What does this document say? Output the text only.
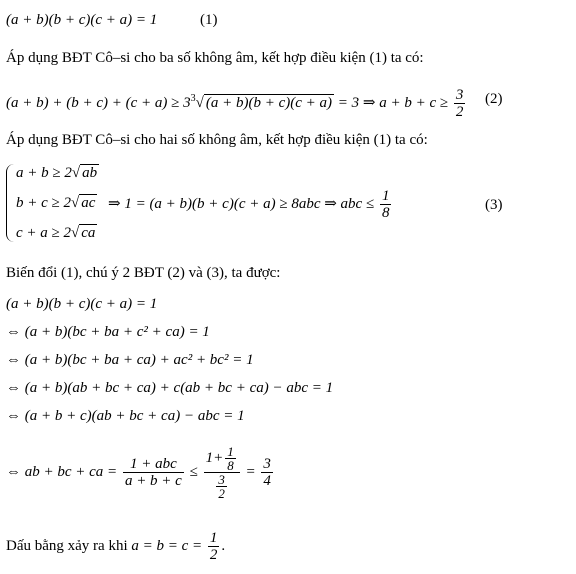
(a + b)(b + c)(c + a) = 1	(1)
Áp dụng BĐT Cô–si cho ba số không âm, kết hợp điều kiện (1) ta có:
$(a + b) + (b + c) + (c + a) \ge 3^3√$ (a + b)(b + c)(c + a) = 3 ⇒ $a + b + c \ge \frac{3}{2} (2)$
Áp dụng BĐT Cô–si cho hai số không âm, kết hợp điều kiện (1) ta có:
a + b ≥ 2√ ab
b + c ≥ 2√ ac
c + a ≥ 2√ ca
⇒ 1 = (a + b)(b + c)(c + a) ≥ 8abc ⇒ abc ≤ $\frac{1}{8}$	(3)
Biến đổi (1), chú ý 2 BĐT (2) và (3), ta được:
(a + b)(b + c)(c + a) = 1
⇔ (a + b)(bc + ba + c² + ca) = 1
⇔ (a + b)(bc + ba + ca) + ac² + bc² = 1
⇔ (a + b)(ab + bc + ca) + c(ab + bc + ca) − abc = 1
⇔ (a + b + c)(ab + bc + ca) − abc = 1
⇔ ab + bc + ca = $\frac{\text{1 + abc}}{a + b + c} \le \frac{1+ \frac{1}{8}}{\frac{3}{2}} = \frac{3}{4}$
Dấu bằng xảy ra khi $a = b = c = \frac{1}{2}$ .
